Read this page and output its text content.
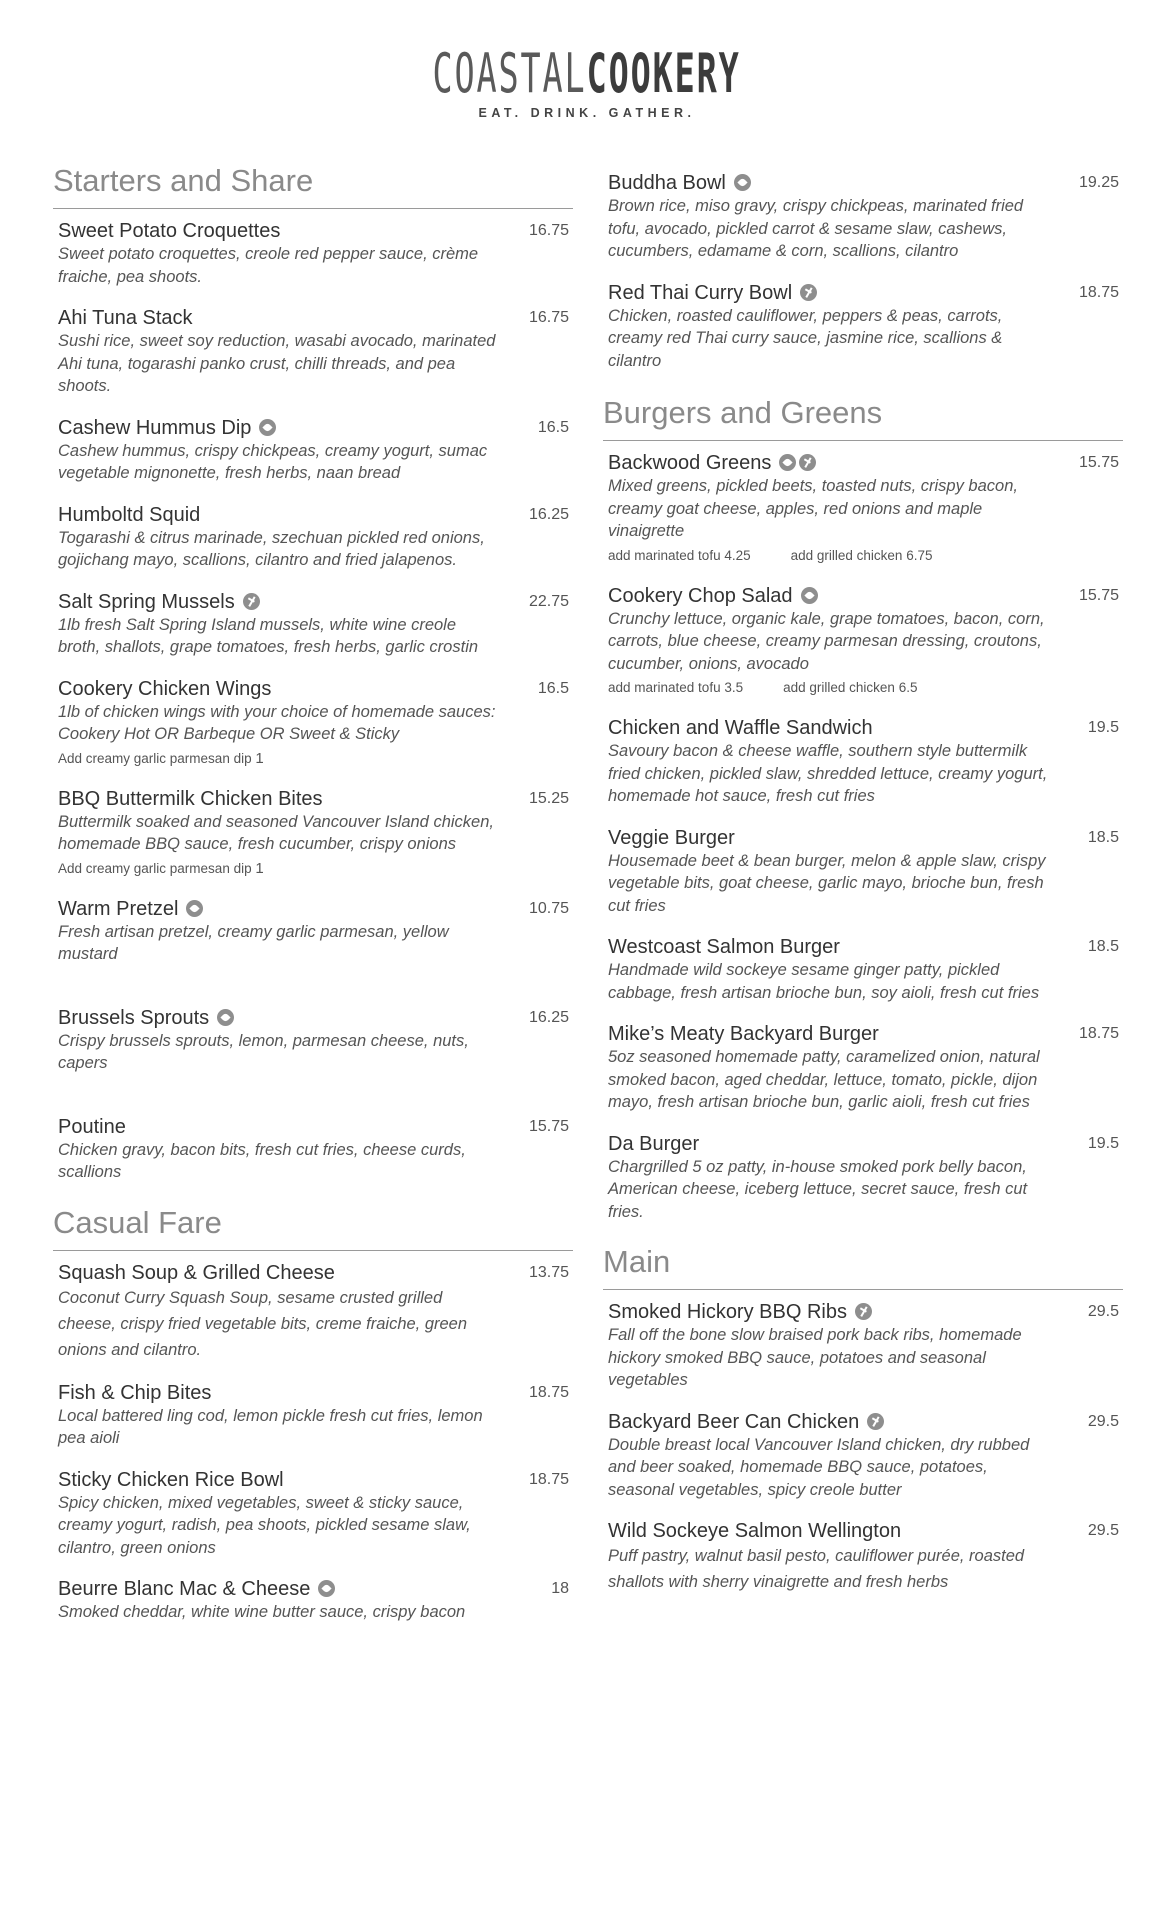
COASTALCOOKERY
EAT. DRINK. GATHER.
Starters and Share
Sweet Potato Croquettes	16.75
Sweet potato croquettes, creole red pepper sauce, crème fraiche, pea shoots.
Ahi Tuna Stack	16.75
Sushi rice, sweet soy reduction, wasabi avocado, marinated Ahi tuna, togarashi panko crust, chilli threads, and pea shoots.
Cashew Hummus Dip	16.5
Cashew hummus, crispy chickpeas, creamy yogurt, sumac vegetable mignonette, fresh herbs, naan bread
Humboltd Squid	16.25
Togarashi & citrus marinade, szechuan pickled red onions, gojichang mayo, scallions, cilantro and fried jalapenos.
Salt Spring Mussels	22.75
1lb fresh Salt Spring Island mussels, white wine creole broth, shallots, grape tomatoes, fresh herbs, garlic crostin
Cookery Chicken Wings	16.5
1lb of chicken wings with your choice of homemade sauces: Cookery Hot OR Barbeque OR Sweet & Sticky
Add creamy garlic parmesan dip 1
BBQ Buttermilk Chicken Bites	15.25
Buttermilk soaked and seasoned Vancouver Island chicken, homemade BBQ sauce, fresh cucumber, crispy onions
Add creamy garlic parmesan dip 1
Warm Pretzel	10.75
Fresh artisan pretzel, creamy garlic parmesan, yellow mustard
Brussels Sprouts	16.25
Crispy brussels sprouts, lemon, parmesan cheese, nuts, capers
Poutine	15.75
Chicken gravy, bacon bits, fresh cut fries, cheese curds, scallions
Casual Fare
Squash Soup & Grilled Cheese	13.75
Coconut Curry Squash Soup, sesame crusted grilled cheese, crispy fried vegetable bits, creme fraiche, green onions and cilantro.
Fish & Chip Bites	18.75
Local battered ling cod, lemon pickle fresh cut fries, lemon pea aioli
Sticky Chicken Rice Bowl	18.75
Spicy chicken, mixed vegetables, sweet & sticky sauce, creamy yogurt, radish, pea shoots, pickled sesame slaw, cilantro, green onions
Beurre Blanc Mac & Cheese	18
Smoked cheddar, white wine butter sauce, crispy bacon
Buddha Bowl	19.25
Brown rice, miso gravy, crispy chickpeas, marinated fried tofu, avocado, pickled carrot & sesame slaw, cashews, cucumbers, edamame & corn, scallions, cilantro
Red Thai Curry Bowl	18.75
Chicken, roasted cauliflower, peppers & peas, carrots, creamy red Thai curry sauce, jasmine rice, scallions & cilantro
Burgers and Greens
Backwood Greens	15.75
Mixed greens, pickled beets, toasted nuts, crispy bacon, creamy goat cheese, apples, red onions and maple vinaigrette
add marinated tofu 4.25	add grilled chicken 6.75
Cookery Chop Salad	15.75
Crunchy lettuce, organic kale, grape tomatoes, bacon, corn, carrots, blue cheese, creamy parmesan dressing, croutons, cucumber, onions, avocado
add marinated tofu 3.5	add grilled chicken 6.5
Chicken and Waffle Sandwich	19.5
Savoury bacon & cheese waffle, southern style buttermilk fried chicken, pickled slaw, shredded lettuce, creamy yogurt, homemade hot sauce, fresh cut fries
Veggie Burger	18.5
Housemade beet & bean burger, melon & apple slaw, crispy vegetable bits, goat cheese, garlic mayo, brioche bun, fresh cut fries
Westcoast Salmon Burger	18.5
Handmade wild sockeye sesame ginger patty, pickled cabbage, fresh artisan brioche bun, soy aioli, fresh cut fries
Mike’s Meaty Backyard Burger	18.75
5oz seasoned homemade patty, caramelized onion, natural smoked bacon, aged cheddar, lettuce, tomato, pickle, dijon mayo, fresh artisan brioche bun, garlic aioli, fresh cut fries
Da Burger	19.5
Chargrilled 5 oz patty, in-house smoked pork belly bacon, American cheese, iceberg lettuce, secret sauce, fresh cut fries.
Main
Smoked Hickory BBQ Ribs	29.5
Fall off the bone slow braised pork back ribs, homemade hickory smoked BBQ sauce, potatoes and seasonal vegetables
Backyard Beer Can Chicken	29.5
Double breast local Vancouver Island chicken, dry rubbed and beer soaked, homemade BBQ sauce, potatoes, seasonal vegetables, spicy creole butter
Wild Sockeye Salmon Wellington	29.5
Puff pastry, walnut basil pesto, cauliflower purée, roasted shallots with sherry vinaigrette and fresh herbs
